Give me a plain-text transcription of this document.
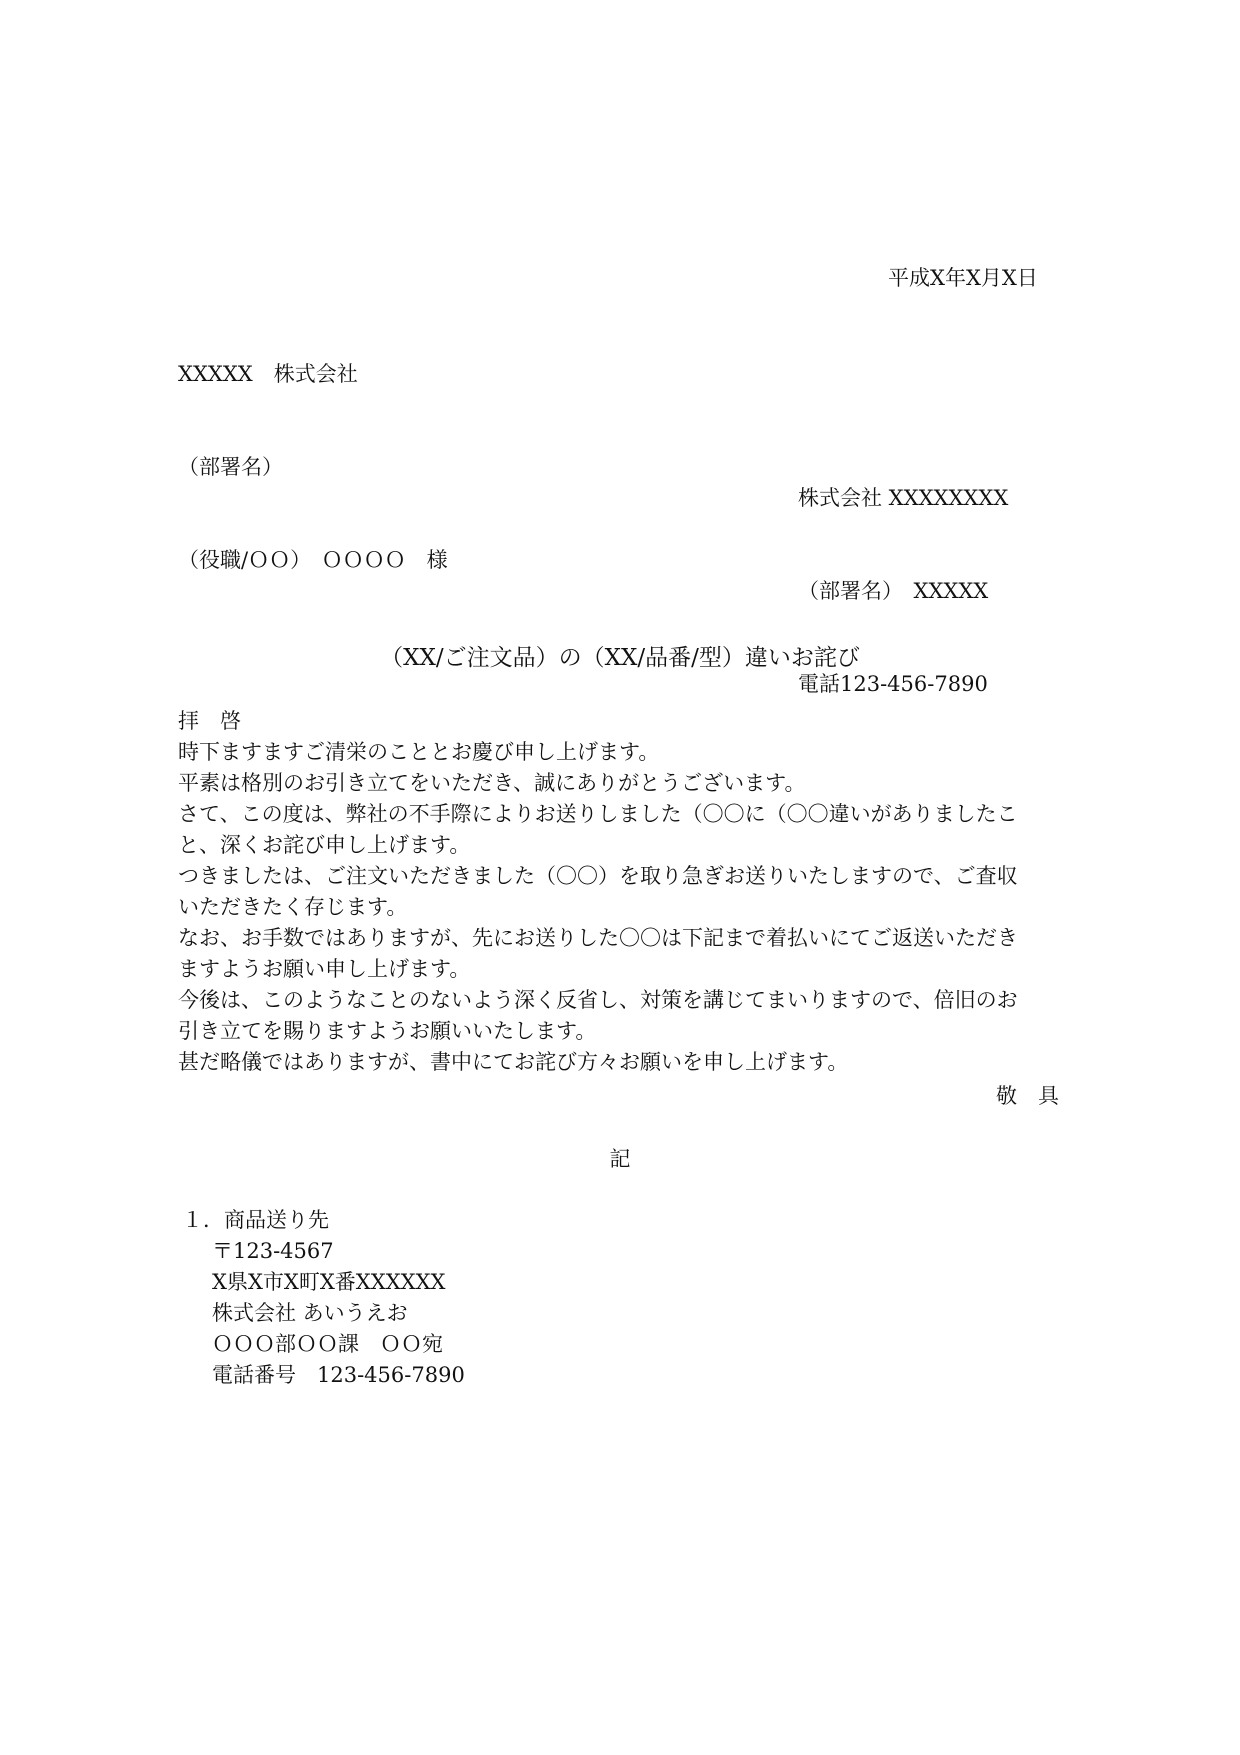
平成X年X月X日

XXXXX　株式会社

（部署名）

（役職/ＯＯ）　ＯＯＯＯ　様

株式会社 XXXXXXXX

（部署名）　XXXXX

電話123-456-7890

（XX/ご注文品）の（XX/品番/型）違いお詫び
拝　啓
時下ますますご清栄のこととお慶び申し上げます。
平素は格別のお引き立てをいただき、誠にありがとうございます。
さて、この度は、弊社の不手際によりお送りしました（〇〇に（〇〇違いがありましたこ
と、深くお詫び申し上げます。
つきましたは、ご注文いただきました（〇〇）を取り急ぎお送りいたしますので、ご査収
いただきたく存じます。
なお、お手数ではありますが、先にお送りした〇〇は下記まで着払いにてご返送いただき
ますようお願い申し上げます。
今後は、このようなことのないよう深く反省し、対策を講じてまいりますので、倍旧のお
引き立てを賜りますようお願いいたします。
甚だ略儀ではありますが、書中にてお詫び方々お願いを申し上げます。
敬　具
記
１．商品送り先
〒123-4567
X県X市X町X番XXXXXX
株式会社 あいうえお
ＯＯＯ部ＯＯ課　ＯＯ宛
電話番号　123-456-7890
